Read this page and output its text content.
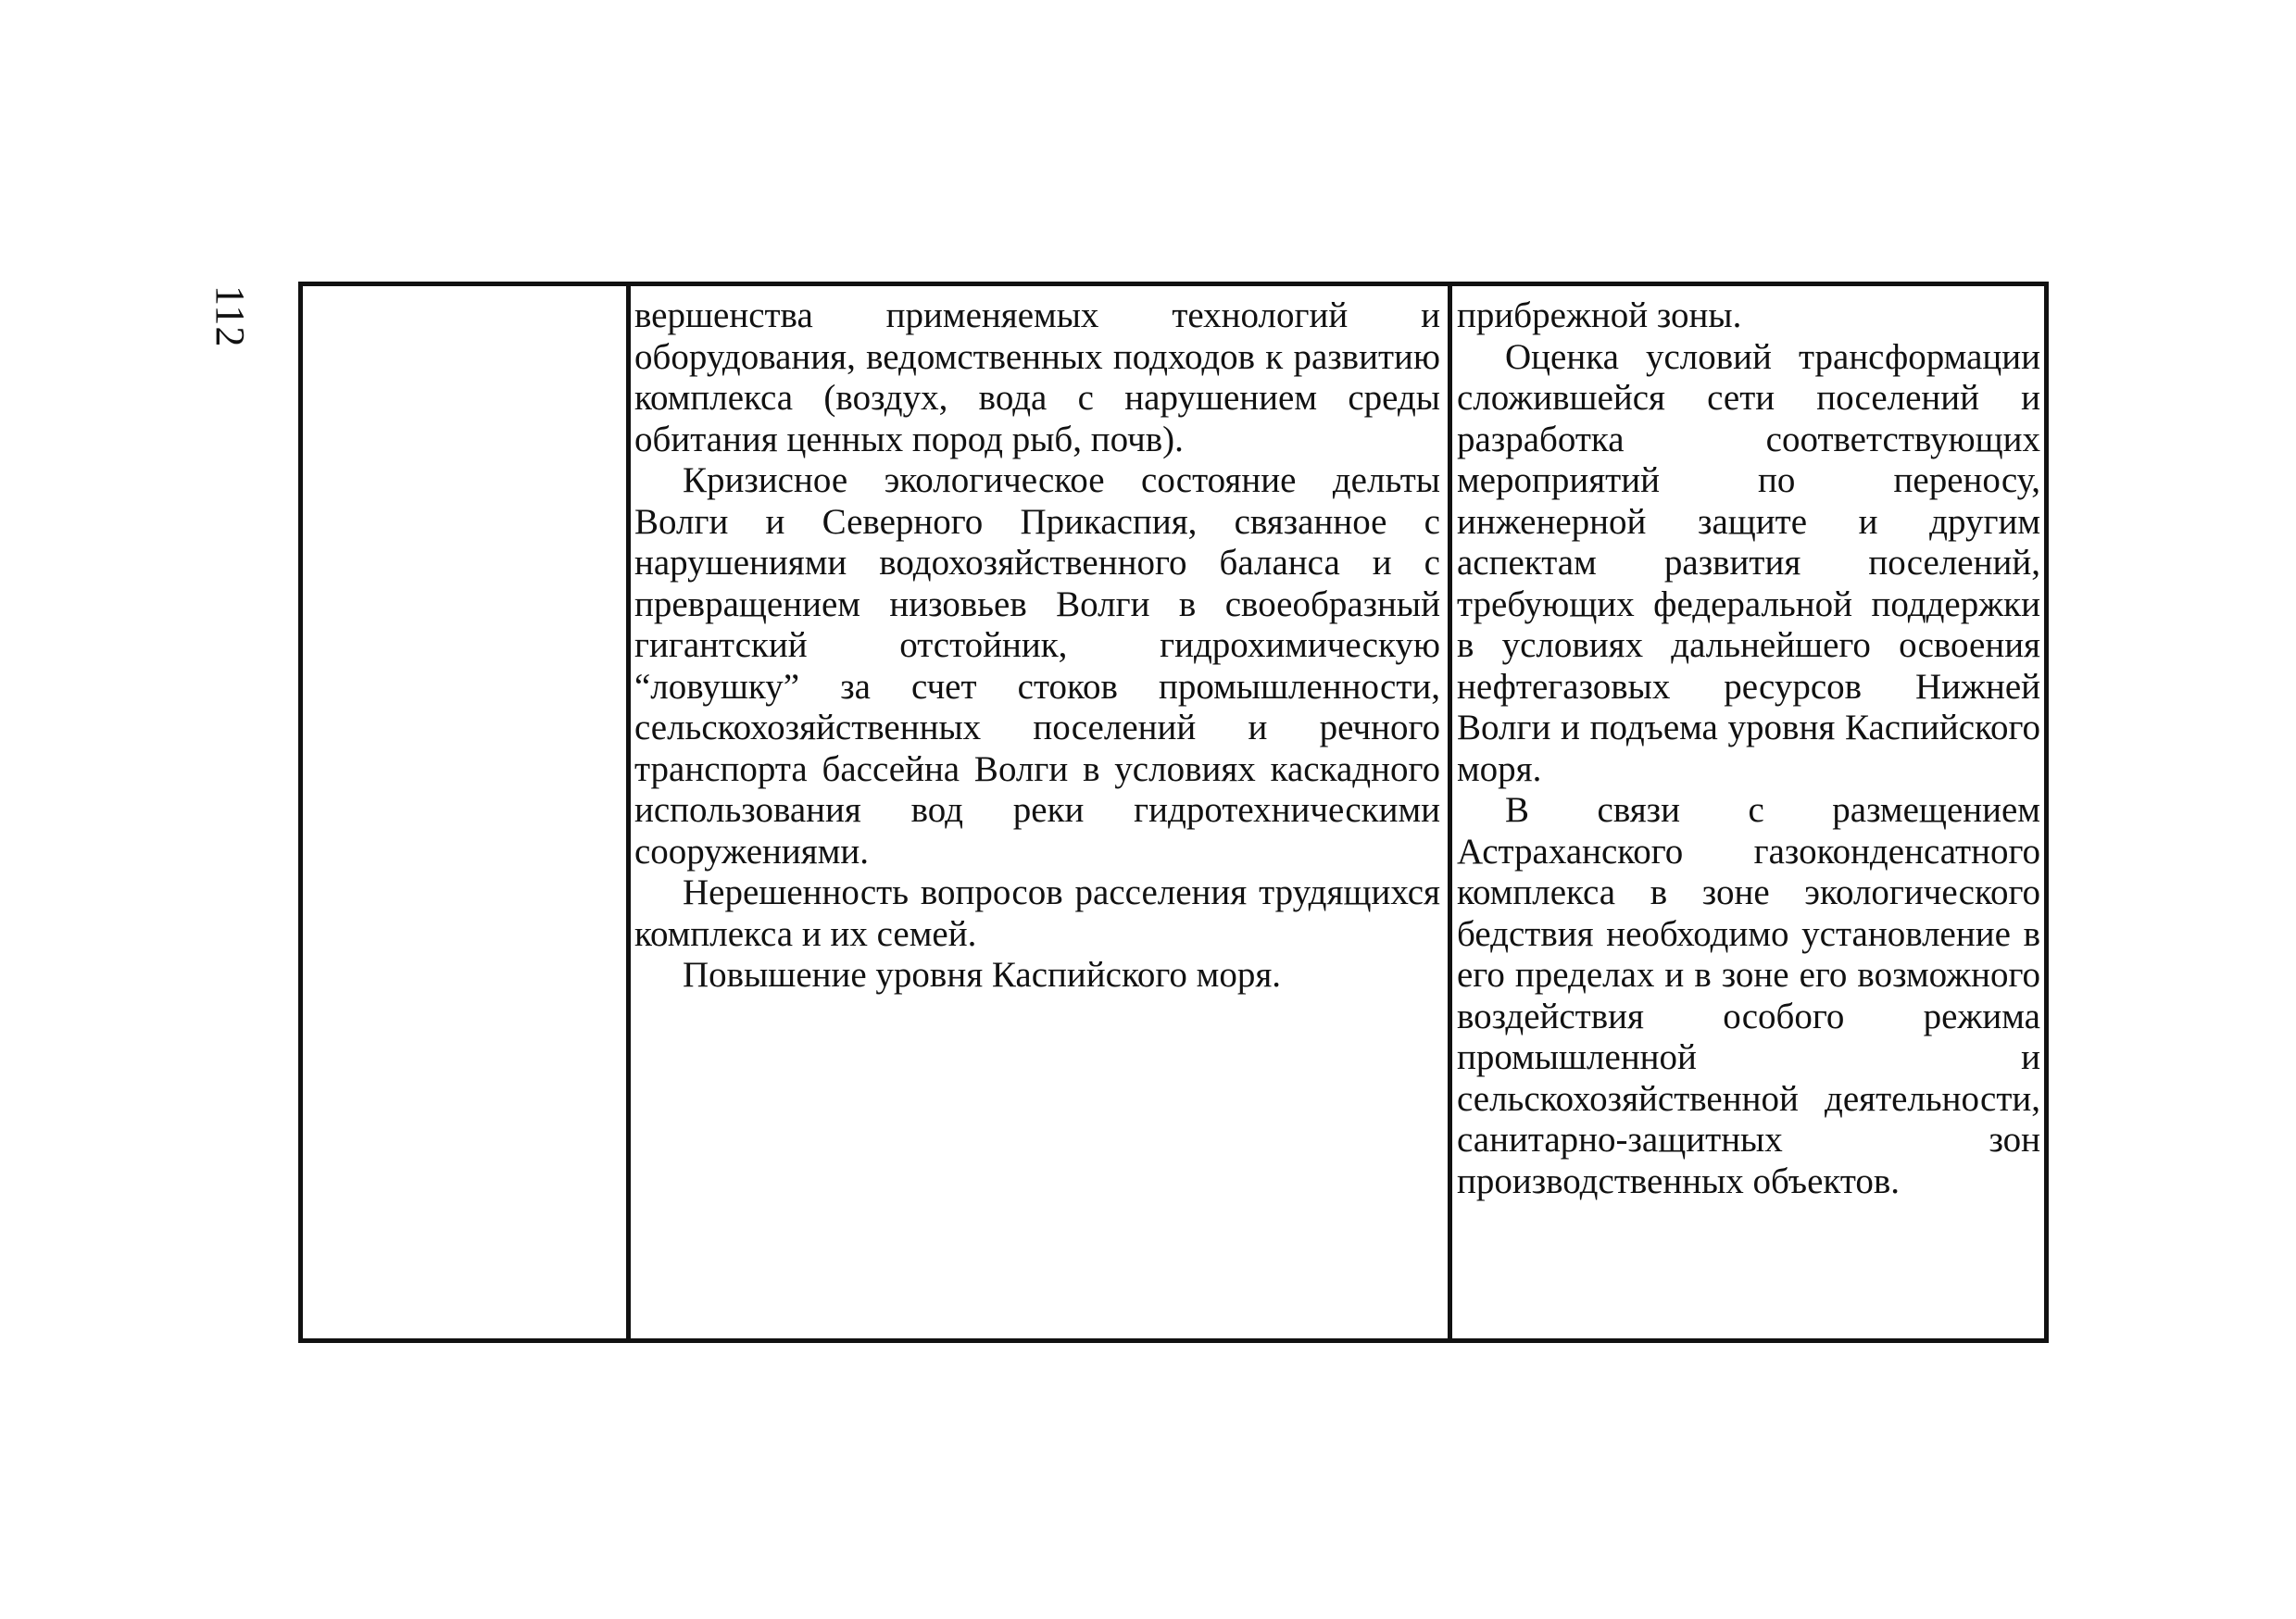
112	вершенства применяемых технологий и оборудования, ведомственных подходов к развитию комплекса (воздух, вода с нарушением среды обитания ценных пород рыб, почв).

Кризисное экологическое состояние дельты Волги и Северного Прикаспия, связанное с нарушениями водохозяйственного баланса и с превращением низовьев Волги в своеобразный гигантский отстойник, гидрохимическую “ловушку” за счет стоков промышленности, сельскохозяйственных поселений и речного транспорта бассейна Волги в условиях каскадного использования вод реки гидротехническими сооружениями.

Нерешенность вопросов расселения трудящихся комплекса и их семей.

Повышение уровня Каспийского моря.

прибрежной зоны.

Оценка условий трансформации сложившейся сети поселений и разработка соответствующих мероприятий по переносу, инженерной защите и другим аспектам развития поселений, требующих федеральной поддержки в условиях дальнейшего освоения нефтегазовых ресурсов Нижней Волги и подъема уровня Каспийского моря.

В связи с размещением Астраханского газоконденсатного комплекса в зоне экологического бедствия необходимо установление в его пределах и в зоне его возможного воздействия особого режима промышленной и сельскохозяйственной деятельности, санитарно-защитных зон производственных объектов.
